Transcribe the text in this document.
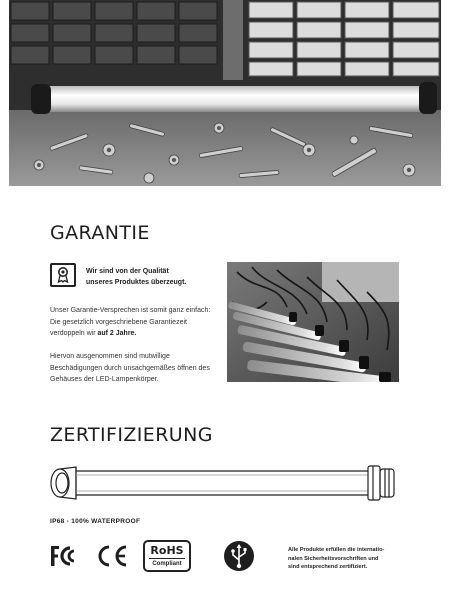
GARANTIE
Wir sind von der Qualität
unseres Produktes überzeugt.

Unser Garantie-Versprechen ist somit ganz einfach: Die gesetzlich vorgeschriebene Garantiezeit verdoppeln wir auf 2 Jahre.

Hiervon ausgenommen sind mutwillige Beschädigungen durch unsachgemäßes öffnen des Gehäuses der LED-Lampenkörper.

ZERTIFIZIERUNG
IP68 - 100% WATERPROOF
RoHS
Compliant
Alle Produkte erfüllen die internatio-
nalen Sicherheitsvorschriften und
sind entsprechend zertifiziert.
